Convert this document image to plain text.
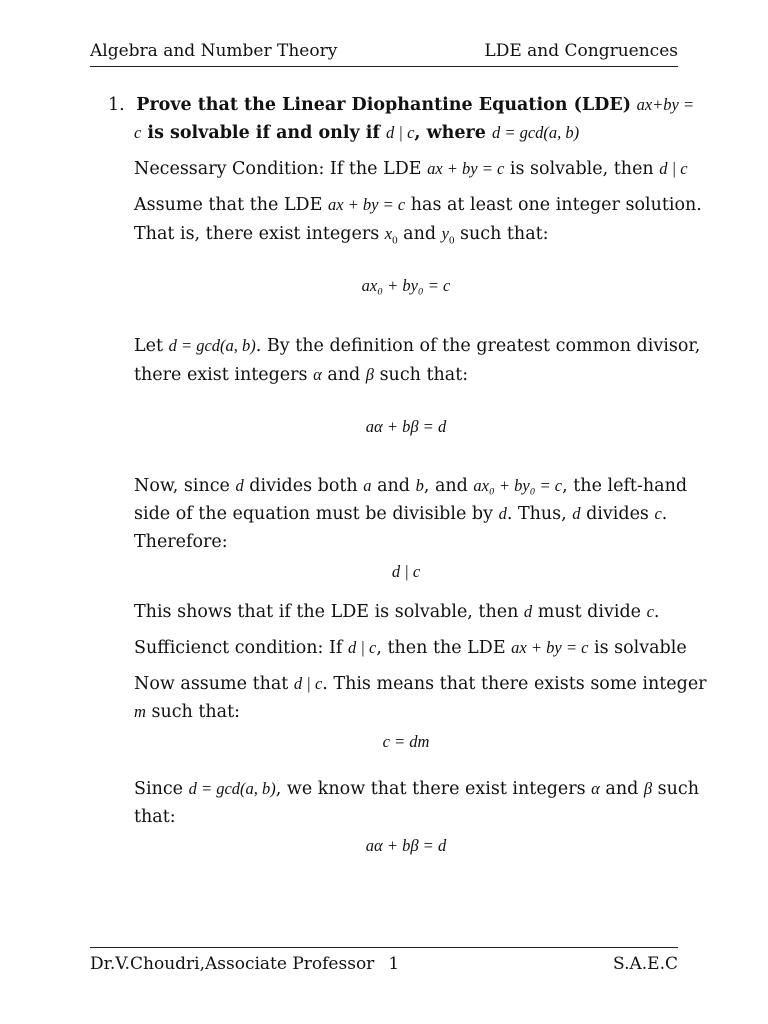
Algebra and Number Theory	LDE and Congruences
1. Prove that the Linear Diophantine Equation (LDE) ax+by =
c is solvable if and only if d | c, where d = gcd(a, b)
Necessary Condition: If the LDE ax + by = c is solvable, then d | c
Assume that the LDE ax + by = c has at least one integer solution.
That is, there exist integers $x_0$ and $y_0$ such that:
ax₀ + by₀ = c
Let d = gcd(a, b). By the definition of the greatest common divisor,
there exist integers α and β such that:
aα + bβ = d
Now, since d divides both a and b, and ax₀ + by₀ = c, the left-hand
side of the equation must be divisible by d. Thus, d divides c.
Therefore:
d | c
This shows that if the LDE is solvable, then d must divide c.
Sufficienct condition: If d | c, then the LDE ax + by = c is solvable
Now assume that d | c. This means that there exists some integer
m such that:
c = dm
Since d = gcd(a, b), we know that there exist integers α and β such
that:
aα + bβ = d
Dr.V.Choudri,Associate Professor 1	S.A.E.C
